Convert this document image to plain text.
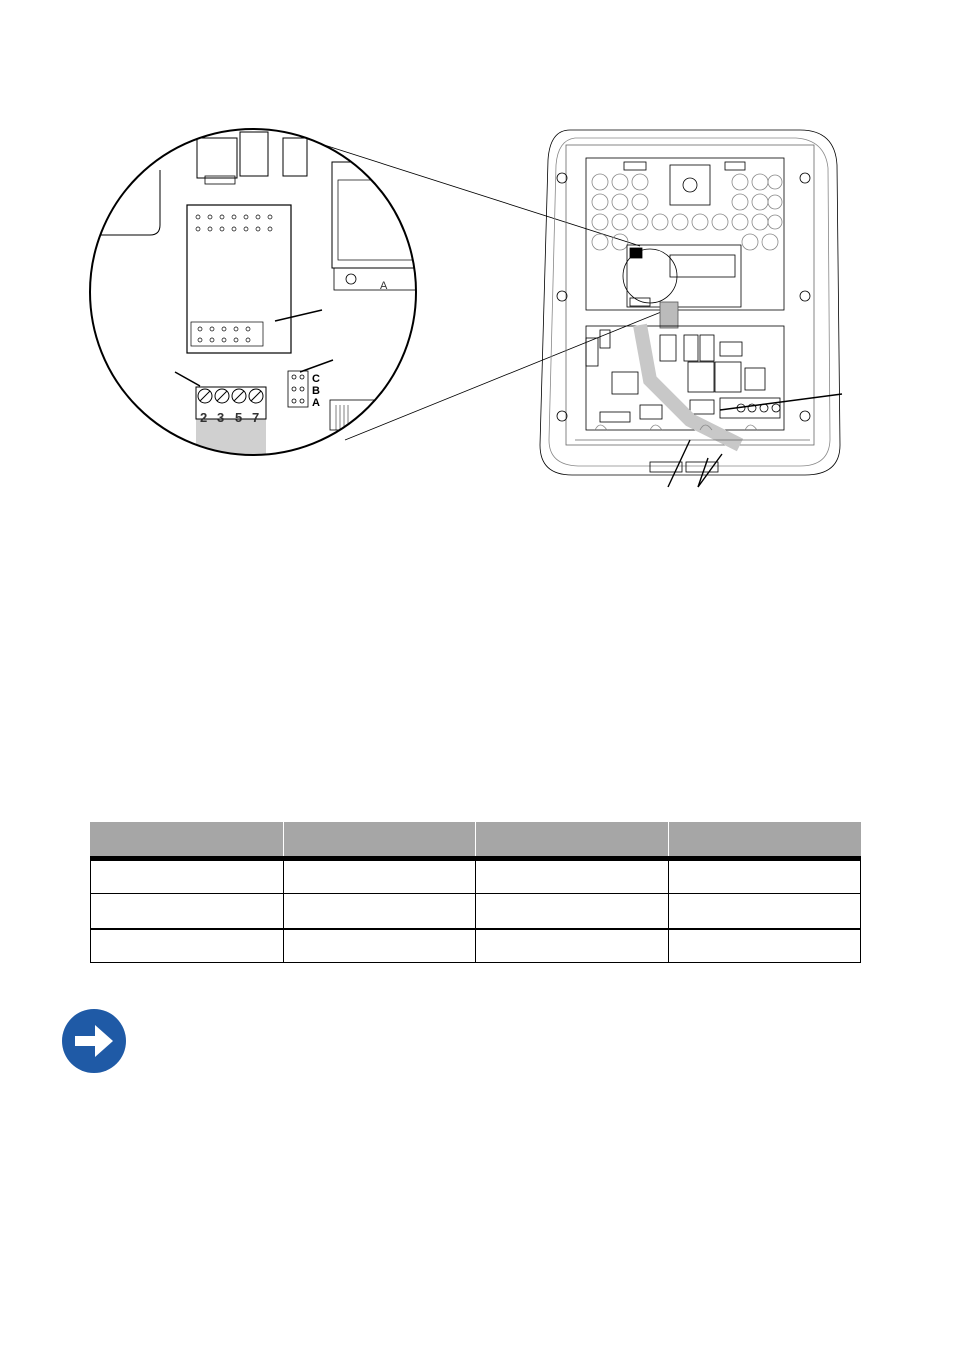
2 3 5 7
C
B
A
A
